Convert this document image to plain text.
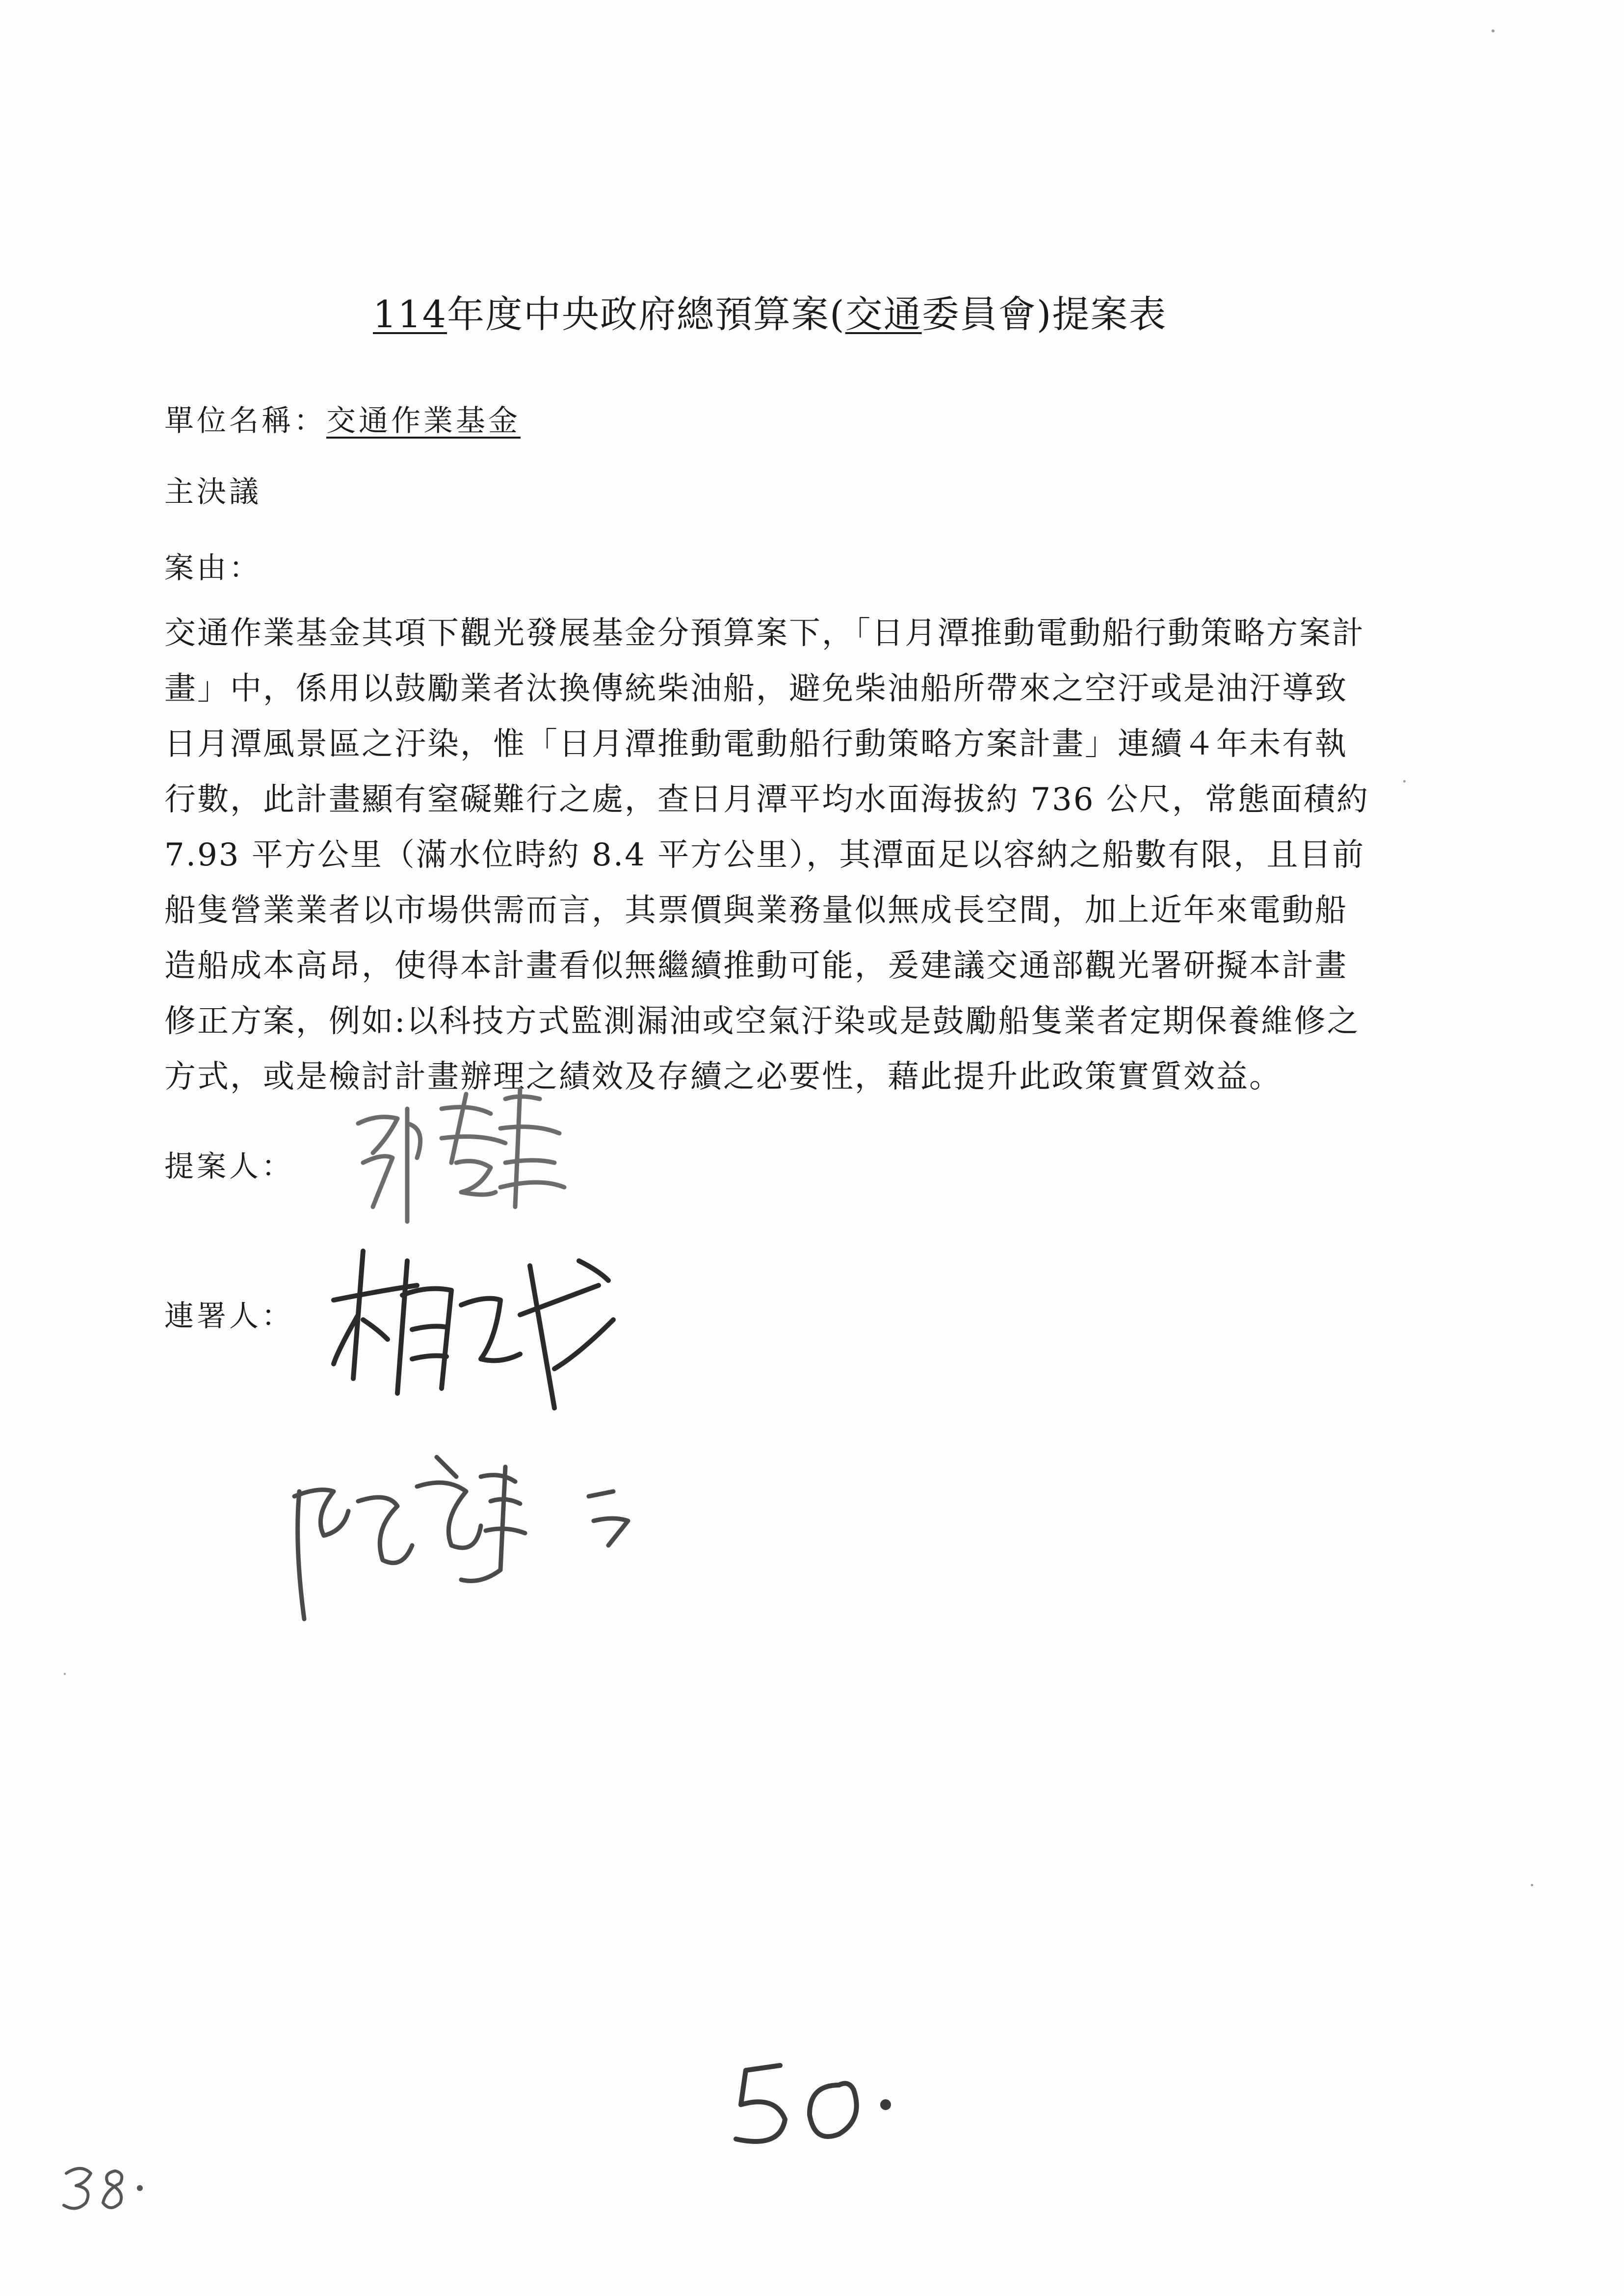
114年度中央政府總預算案(交通委員會)提案表
單位名稱：交通作業基金
主決議
案由：
交通作業基金其項下觀光發展基金分預算案下，「日月潭推動電動船行動策略方案計
畫」中，係用以鼓勵業者汰換傳統柴油船，避免柴油船所帶來之空汙或是油汙導致
日月潭風景區之汙染，惟「日月潭推動電動船行動策略方案計畫」連續４年未有執
行數，此計畫顯有窒礙難行之處，查日月潭平均水面海拔約 736 公尺，常態面積約
7.93 平方公里（滿水位時約 8.4 平方公里），其潭面足以容納之船數有限，且目前
船隻營業業者以市場供需而言，其票價與業務量似無成長空間，加上近年來電動船
造船成本高昂，使得本計畫看似無繼續推動可能，爰建議交通部觀光署研擬本計畫
修正方案，例如:以科技方式監測漏油或空氣汙染或是鼓勵船隻業者定期保養維修之
方式，或是檢討計畫辦理之績效及存續之必要性，藉此提升此政策實質效益。
提案人：
連署人：
